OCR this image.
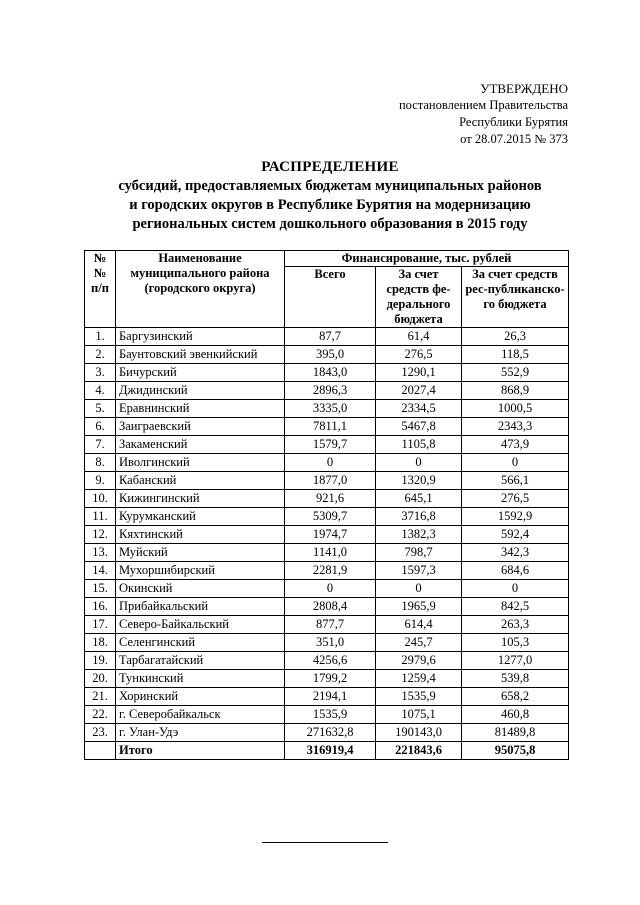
УТВЕРЖДЕНО
постановлением Правительства
Республики Бурятия
от 28.07.2015 № 373
РАСПРЕДЕЛЕНИЕ
субсидий, предоставляемых бюджетам муниципальных районов
и городских округов в Республике Бурятия на модернизацию
региональных систем дошкольного образования в 2015 году
№№ п/п	Наименование муниципального района (городского округа)	Финансирование, тыс. рублей		
		Всего	За счет средств фе-дерального бюджета	За счет средств рес-публиканско-го бюджета
1.	Баргузинский	87,7	61,4	26,3
2.	Баунтовский эвенкийский	395,0	276,5	118,5
3.	Бичурский	1843,0	1290,1	552,9
4.	Джидинский	2896,3	2027,4	868,9
5.	Еравнинский	3335,0	2334,5	1000,5
6.	Заиграевский	7811,1	5467,8	2343,3
7.	Закаменский	1579,7	1105,8	473,9
8.	Иволгинский	0	0	0
9.	Кабанский	1877,0	1320,9	566,1
10.	Кижингинский	921,6	645,1	276,5
11.	Курумканский	5309,7	3716,8	1592,9
12.	Кяхтинский	1974,7	1382,3	592,4
13.	Муйский	1141,0	798,7	342,3
14.	Мухоршибирский	2281,9	1597,3	684,6
15.	Окинский	0	0	0
16.	Прибайкальский	2808,4	1965,9	842,5
17.	Северо-Байкальский	877,7	614,4	263,3
18.	Селенгинский	351,0	245,7	105,3
19.	Тарбагатайский	4256,6	2979,6	1277,0
20.	Тункинский	1799,2	1259,4	539,8
21.	Хоринский	2194,1	1535,9	658,2
22.	г. Северобайкальск	1535,9	1075,1	460,8
23.	г. Улан-Удэ	271632,8	190143,0	81489,8
	Итого	316919,4	221843,6	95075,8
